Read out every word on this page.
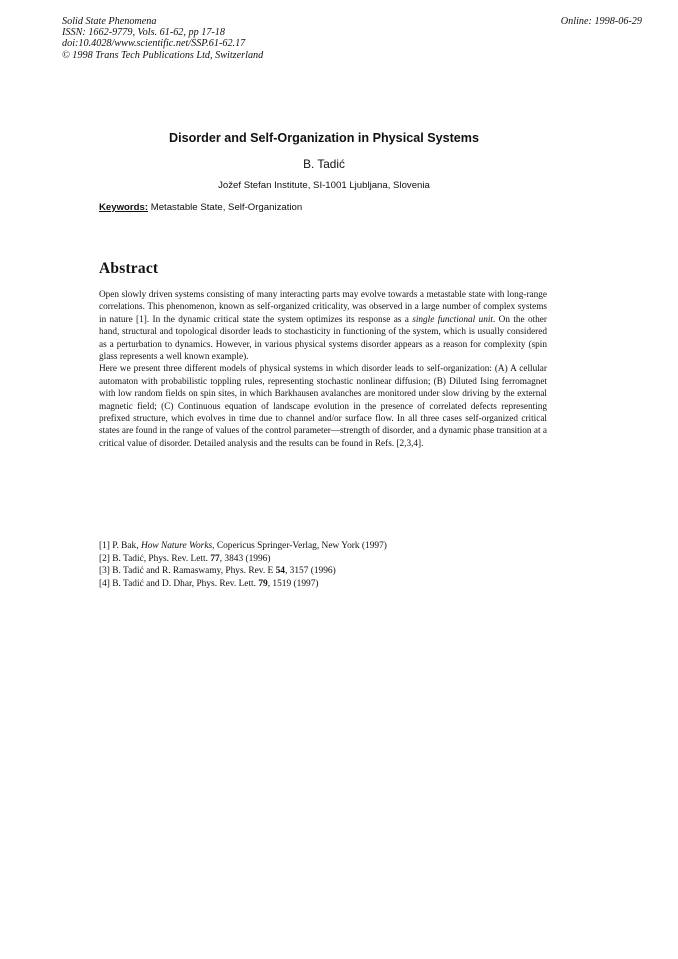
Solid State Phenomena
ISSN: 1662-9779, Vols. 61-62, pp 17-18
doi:10.4028/www.scientific.net/SSP.61-62.17
© 1998 Trans Tech Publications Ltd, Switzerland
Online: 1998-06-29
Disorder and Self-Organization in Physical Systems
B. Tadić
Jožef Stefan Institute, SI-1001 Ljubljana, Slovenia
Keywords: Metastable State, Self-Organization
Abstract

Open slowly driven systems consisting of many interacting parts may evolve towards a metastable state with long-range correlations. This phenomenon, known as self-organized criticality, was observed in a large number of complex systems in nature [1]. In the dynamic critical state the system optimizes its response as a single functional unit. On the other hand, structural and topological disorder leads to stochasticity in functioning of the system, which is usually considered as a perturbation to dynamics. However, in various physical systems disorder appears as a reason for complexity (spin glass represents a well known example).

Here we present three different models of physical systems in which disorder leads to self-organization: (A) A cellular automaton with probabilistic toppling rules, representing stochastic nonlinear diffusion; (B) Diluted Ising ferromagnet with low random fields on spin sites, in which Barkhausen avalanches are monitored under slow driving by the external magnetic field; (C) Continuous equation of landscape evolution in the presence of correlated defects representing prefixed structure, which evolves in time due to channel and/or surface flow. In all three cases self-organized critical states are found in the range of values of the control parameter—strength of disorder, and a dynamic phase transition at a critical value of disorder. Detailed analysis and the results can be found in Refs. [2,3,4].

[1] P. Bak, How Nature Works, Copericus Springer-Verlag, New York (1997)
[2] B. Tadić, Phys. Rev. Lett. 77, 3843 (1996)
[3] B. Tadić and R. Ramaswamy, Phys. Rev. E 54, 3157 (1996)
[4] B. Tadić and D. Dhar, Phys. Rev. Lett. 79, 1519 (1997)
